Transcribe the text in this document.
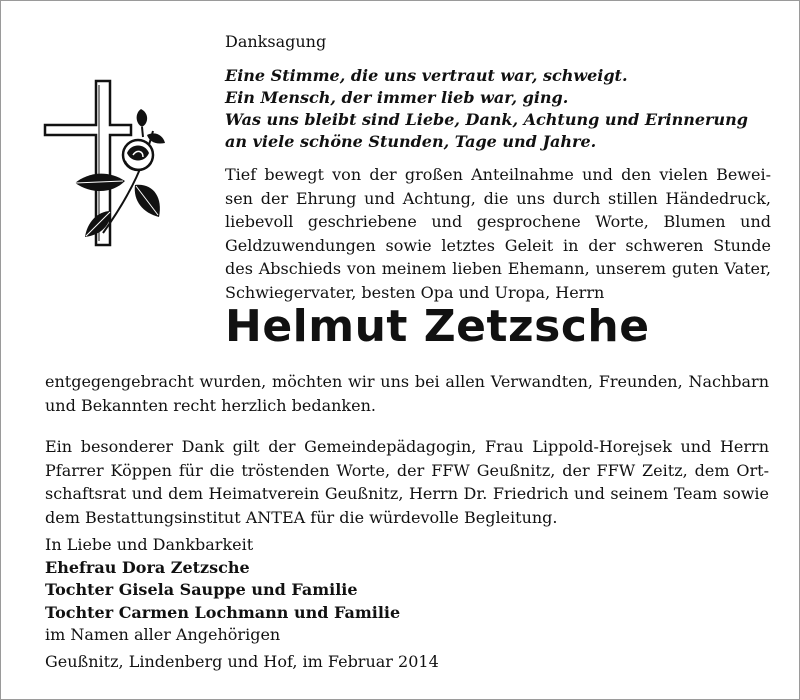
Danksagung
Eine Stimme, die uns vertraut war, schweigt.
Ein Mensch, der immer lieb war, ging.
Was uns bleibt sind Liebe, Dank, Achtung und Erinnerung
an viele schöne Stunden, Tage und Jahre.
Tief bewegt von der großen Anteilnahme und den vielen Bewei-
sen der Ehrung und Achtung, die uns durch stillen Händedruck,
liebevoll geschriebene und gesprochene Worte, Blumen und
Geldzuwendungen sowie letztes Geleit in der schweren Stunde
des Abschieds von meinem lieben Ehemann, unserem guten Vater,
Schwiegervater, besten Opa und Uropa, Herrn
Helmut Zetzsche
entgegengebracht wurden, möchten wir uns bei allen Verwandten, Freunden, Nachbarn
und Bekannten recht herzlich bedanken.
Ein besonderer Dank gilt der Gemeindepädagogin, Frau Lippold-Horejsek und Herrn
Pfarrer Köppen für die tröstenden Worte, der FFW Geußnitz, der FFW Zeitz, dem Ort-
schaftsrat und dem Heimatverein Geußnitz, Herrn Dr. Friedrich und seinem Team sowie
dem Bestattungsinstitut ANTEA für die würdevolle Begleitung.
In Liebe und Dankbarkeit
Ehefrau Dora Zetzsche
Tochter Gisela Sauppe und Familie
Tochter Carmen Lochmann und Familie
im Namen aller Angehörigen
Geußnitz, Lindenberg und Hof, im Februar 2014
